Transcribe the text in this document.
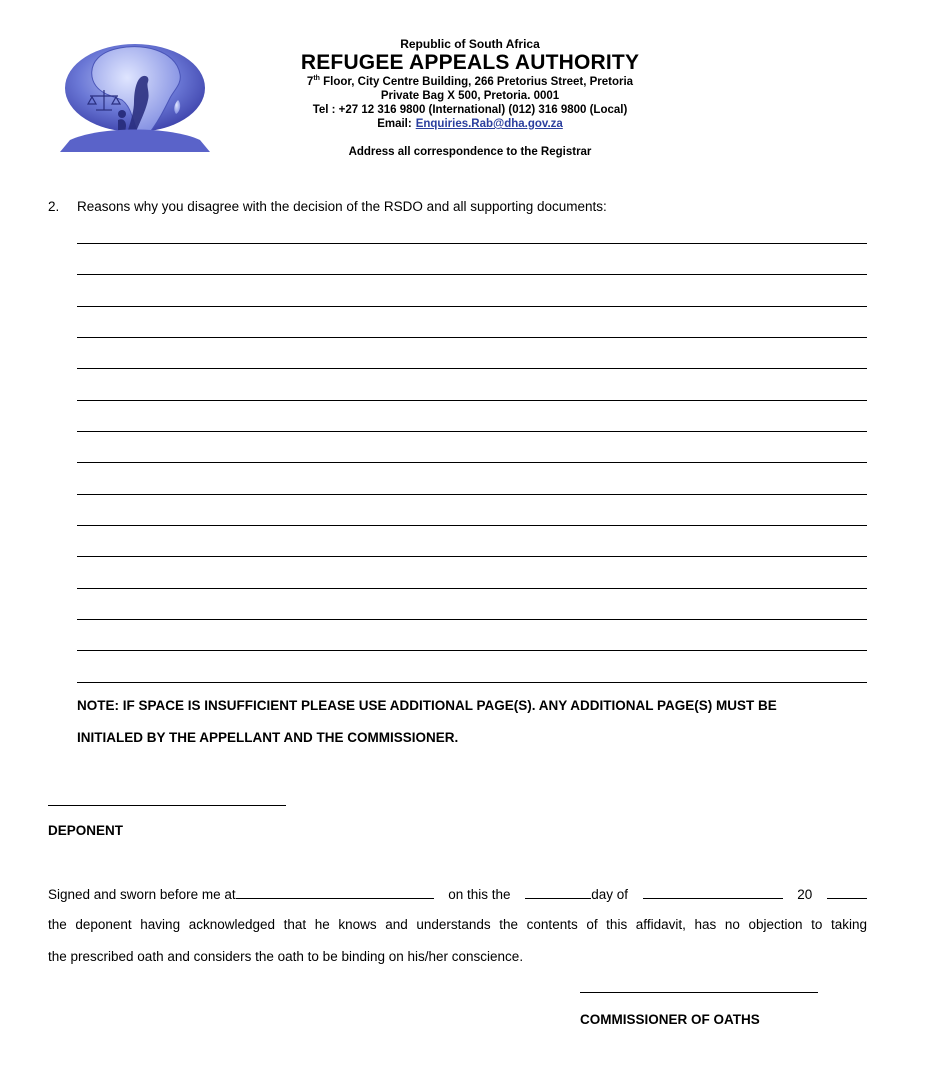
Republic of South Africa
REFUGEE APPEALS AUTHORITY
7th Floor, City Centre Building, 266 Pretorius Street, Pretoria
Private Bag X 500, Pretoria. 0001
Tel : +27 12 316 9800 (International) (012) 316 9800 (Local)
Email: Enquiries.Rab@dha.gov.za
Address all correspondence to the Registrar
2. Reasons why you disagree with the decision of the RSDO and all supporting documents:
NOTE: IF SPACE IS INSUFFICIENT PLEASE USE ADDITIONAL PAGE(S). ANY ADDITIONAL PAGE(S) MUST BE
INITIALED BY THE APPELLANT AND THE COMMISSIONER.
DEPONENT
Signed and sworn before me at	on this the	day of	20
the deponent having acknowledged that he knows and understands the contents of this affidavit, has no objection to taking
the prescribed oath and considers the oath to be binding on his/her conscience.
COMMISSIONER OF OATHS
